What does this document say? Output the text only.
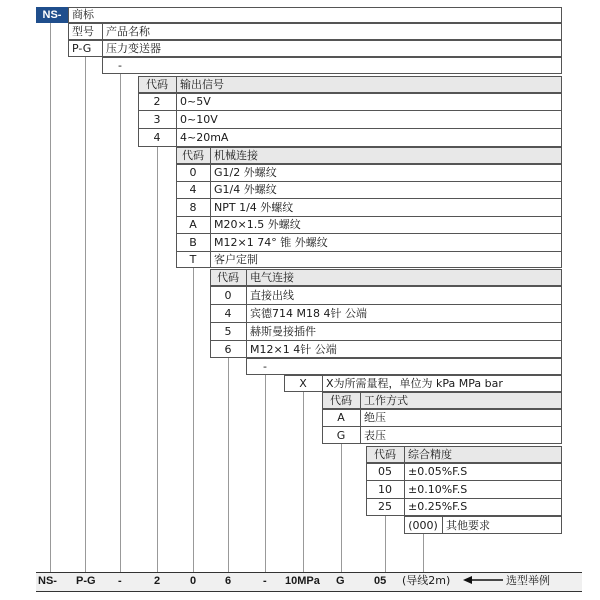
NS- 商标
型号	产品名称
P-G	压力变送器
-
代码	输出信号
2	0~5V
3	0~10V
4	4~20mA
代码 机械连接
0	G1/2 外螺纹
4	G1/4 外螺纹
8	NPT 1/4 外螺纹
A	M20×1.5 外螺纹
B	M12×1 74° 锥 外螺纹
T	客户定制
代码	电气连接
0	直接出线
4	宾德714 M18 4针 公端
5	赫斯曼接插件
6	M12×1 4针 公端
-
X	X为所需量程，单位为 kPa MPa bar
代码	工作方式
A	绝压
G	表压
代码	综合精度
05	±0.05%F.S
10	±0.10%F.S
25	±0.25%F.S
(000) 其他要求
NS- P-G -	2	0	6	- 10MPa G	05 (导线2m)	选型举例
